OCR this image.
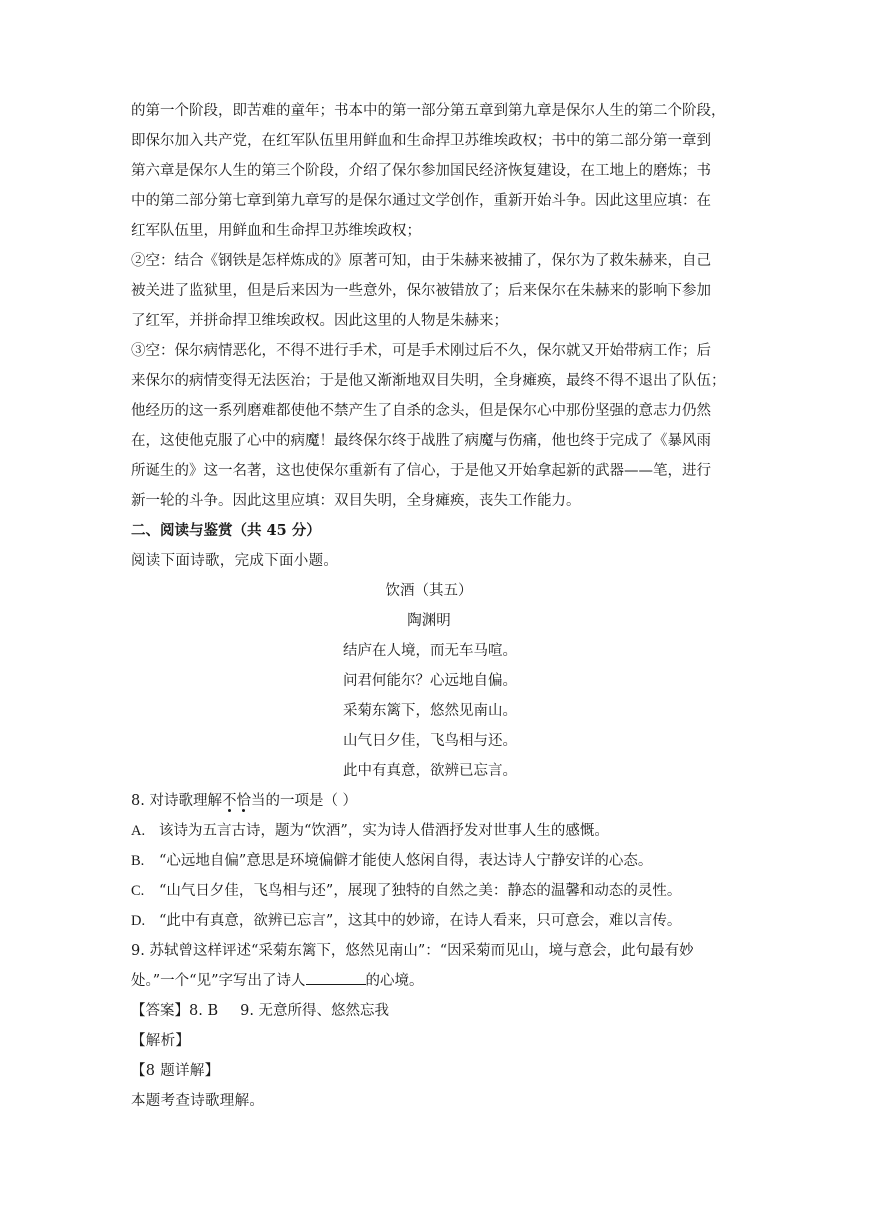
的第一个阶段，即苦难的童年；书本中的第一部分第五章到第九章是保尔人生的第二个阶段，
即保尔加入共产党，在红军队伍里用鲜血和生命捍卫苏维埃政权；书中的第二部分第一章到
第六章是保尔人生的第三个阶段，介绍了保尔参加国民经济恢复建设，在工地上的磨炼；书
中的第二部分第七章到第九章写的是保尔通过文学创作，重新开始斗争。因此这里应填：在
红军队伍里，用鲜血和生命捍卫苏维埃政权；
②空：结合《钢铁是怎样炼成的》原著可知，由于朱赫来被捕了，保尔为了救朱赫来，自己
被关进了监狱里，但是后来因为一些意外，保尔被错放了；后来保尔在朱赫来的影响下参加
了红军，并拼命捍卫维埃政权。因此这里的人物是朱赫来；
③空：保尔病情恶化，不得不进行手术，可是手术刚过后不久，保尔就又开始带病工作；后
来保尔的病情变得无法医治；于是他又渐渐地双目失明，全身瘫痪，最终不得不退出了队伍；
他经历的这一系列磨难都使他不禁产生了自杀的念头，但是保尔心中那份坚强的意志力仍然
在，这使他克服了心中的病魔！最终保尔终于战胜了病魔与伤痛，他也终于完成了《暴风雨
所诞生的》这一名著，这也使保尔重新有了信心，于是他又开始拿起新的武器——笔，进行
新一轮的斗争。因此这里应填：双目失明，全身瘫痪，丧失工作能力。

二、阅读与鉴赏（共 45 分）

阅读下面诗歌，完成下面小题。

饮酒（其五）

陶渊明

结庐在人境，而无车马喧。
问君何能尔？心远地自偏。
采菊东篱下，悠然见南山。
山气日夕佳，飞鸟相与还。
此中有真意，欲辨已忘言。

8. 对诗歌理解不恰当的一项是（ ）

A. 该诗为五言古诗，题为“饮酒”，实为诗人借酒抒发对世事人生的感慨。
B. “心远地自偏”意思是环境偏僻才能使人悠闲自得，表达诗人宁静安详的心态。
C. “山气日夕佳，飞鸟相与还”，展现了独特的自然之美：静态的温馨和动态的灵性。
D. “此中有真意，欲辨已忘言”，这其中的妙谛，在诗人看来，只可意会，难以言传。
9. 苏轼曾这样评述“采菊东篱下，悠然见南山”：“因采菊而见山，境与意会，此句最有妙
处。”一个“见”字写出了诗人	的心境。
【答案】8. B 9. 无意所得、悠然忘我

【解析】

【8 题详解】

本题考查诗歌理解。
